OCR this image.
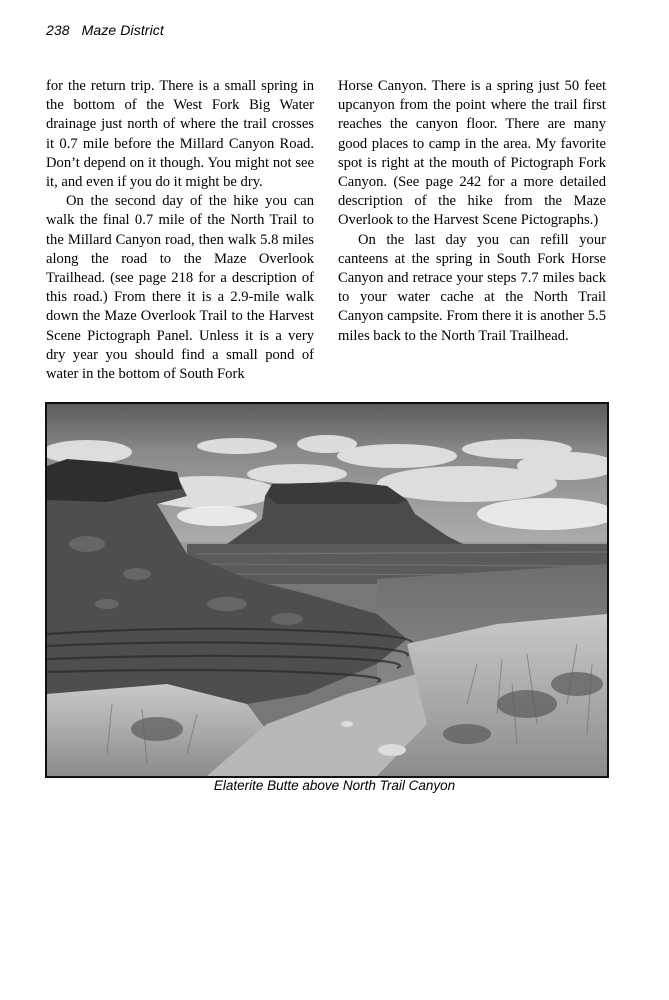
238 Maze District

for the return trip. There is a small spring in the bottom of the West Fork Big Water drainage just north of where the trail crosses it 0.7 mile before the Millard Canyon Road. Don’t depend on it though. You might not see it, and even if you do it might be dry.

On the second day of the hike you can walk the final 0.7 mile of the North Trail to the Millard Canyon road, then walk 5.8 miles along the road to the Maze Overlook Trailhead. (see page 218 for a description of this road.) From there it is a 2.9-mile walk down the Maze Overlook Trail to the Harvest Scene Pictograph Panel. Unless it is a very dry year you should find a small pond of water in the bottom of South Fork

Horse Canyon. There is a spring just 50 feet upcanyon from the point where the trail first reaches the canyon floor. There are many good places to camp in the area. My favorite spot is right at the mouth of Pictograph Fork Canyon. (See page 242 for a more detailed description of the hike from the Maze Overlook to the Harvest Scene Pictographs.)

On the last day you can refill your canteens at the spring in South Fork Horse Canyon and retrace your steps 7.7 miles back to your water cache at the North Trail Canyon campsite. From there it is another 5.5 miles back to the North Trail Trailhead.

Elaterite Butte above North Trail Canyon
